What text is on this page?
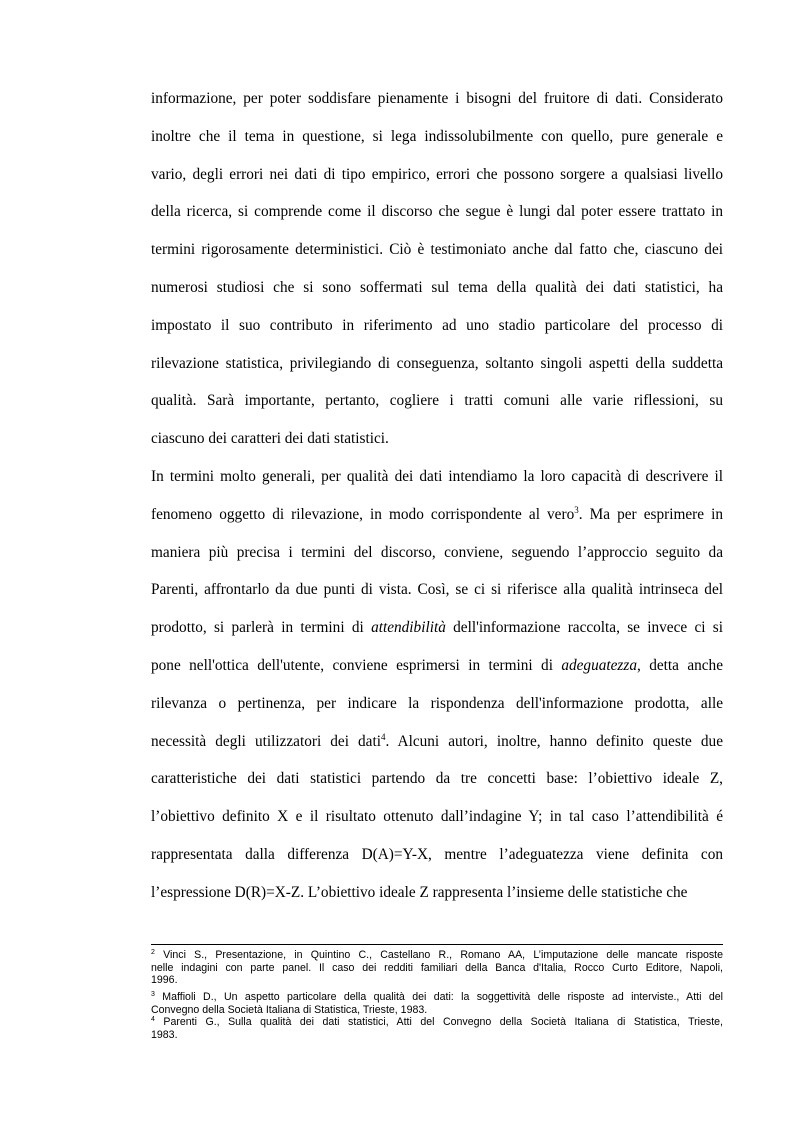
informazione, per poter soddisfare pienamente i bisogni del fruitore di dati. Considerato
inoltre che il tema in questione, si lega indissolubilmente con quello, pure generale e
vario, degli errori nei dati di tipo empirico, errori che possono sorgere a qualsiasi livello
della ricerca, si comprende come il discorso che segue è lungi dal poter essere trattato in
termini rigorosamente deterministici. Ciò è testimoniato anche dal fatto che, ciascuno dei
numerosi studiosi che si sono soffermati sul tema della qualità dei dati statistici, ha
impostato il suo contributo in riferimento ad uno stadio particolare del processo di
rilevazione statistica, privilegiando di conseguenza, soltanto singoli aspetti della suddetta
qualità. Sarà importante, pertanto, cogliere i tratti comuni alle varie riflessioni, su
ciascuno dei caratteri dei dati statistici.
In termini molto generali, per qualità dei dati intendiamo la loro capacità di descrivere il
fenomeno oggetto di rilevazione, in modo corrispondente al vero$^3$. Ma per esprimere in
maniera più precisa i termini del discorso, conviene, seguendo l’approccio seguito da
Parenti, affrontarlo da due punti di vista. Così, se ci si riferisce alla qualità intrinseca del
prodotto, si parlerà in termini di attendibilità dell'informazione raccolta, se invece ci si
pone nell'ottica dell'utente, conviene esprimersi in termini di adeguatezza, detta anche
rilevanza o pertinenza, per indicare la rispondenza dell'informazione prodotta, alle
necessità degli utilizzatori dei dati$^4$. Alcuni autori, inoltre, hanno definito queste due
caratteristiche dei dati statistici partendo da tre concetti base: l’obiettivo ideale Z,
l’obiettivo definito X e il risultato ottenuto dall’indagine Y; in tal caso l’attendibilità é
rappresentata dalla differenza D(A)=Y-X, mentre l’adeguatezza viene definita con
l’espressione D(R)=X-Z. L’obiettivo ideale Z rappresenta l’insieme delle statistiche che
$^2$ Vinci S., Presentazione, in Quintino C., Castellano R., Romano AA, L’imputazione delle mancate risposte
nelle indagini con parte panel. Il caso dei redditi familiari della Banca d'Italia, Rocco Curto Editore, Napoli,
1996.
$^3$ Maffioli D., Un aspetto particolare della qualità dei dati: la soggettività delle risposte ad interviste., Atti del
Convegno della Società Italiana di Statistica, Trieste, 1983.
$^4$ Parenti G., Sulla qualità dei dati statistici, Atti del Convegno della Società Italiana di Statistica, Trieste,
1983.
